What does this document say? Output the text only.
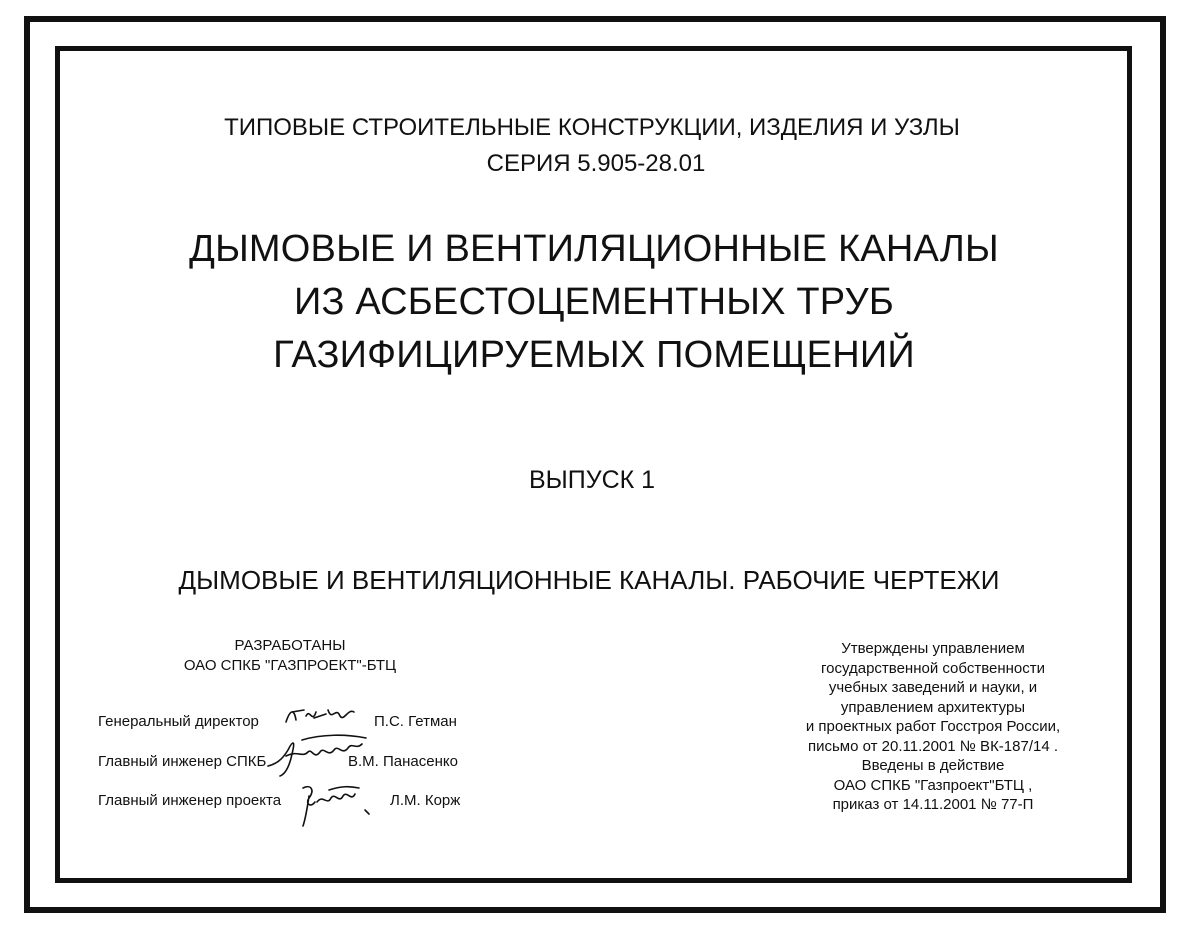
ТИПОВЫЕ СТРОИТЕЛЬНЫЕ КОНСТРУКЦИИ, ИЗДЕЛИЯ И УЗЛЫ
СЕРИЯ 5.905-28.01
ДЫМОВЫЕ И ВЕНТИЛЯЦИОННЫЕ КАНАЛЫ
ИЗ АСБЕСТОЦЕМЕНТНЫХ ТРУБ
ГАЗИФИЦИРУЕМЫХ ПОМЕЩЕНИЙ
ВЫПУСК 1
ДЫМОВЫЕ И ВЕНТИЛЯЦИОННЫЕ КАНАЛЫ. РАБОЧИЕ ЧЕРТЕЖИ
РАЗРАБОТАНЫ
ОАО СПКБ "ГАЗПРОЕКТ"-БТЦ
Генеральный директор	П.С. Гетман
Главный инженер СПКБ	В.М. Панасенко
Главный инженер проекта	Л.М. Корж
Утверждены управлением
государственной собственности
учебных заведений и науки, и
управлением архитектуры
и проектных работ Госстроя России,
письмо от 20.11.2001 № ВК-187/14 .
Введены в действие
ОАО СПКБ "Газпроект"БТЦ ,
приказ от 14.11.2001 № 77-П
